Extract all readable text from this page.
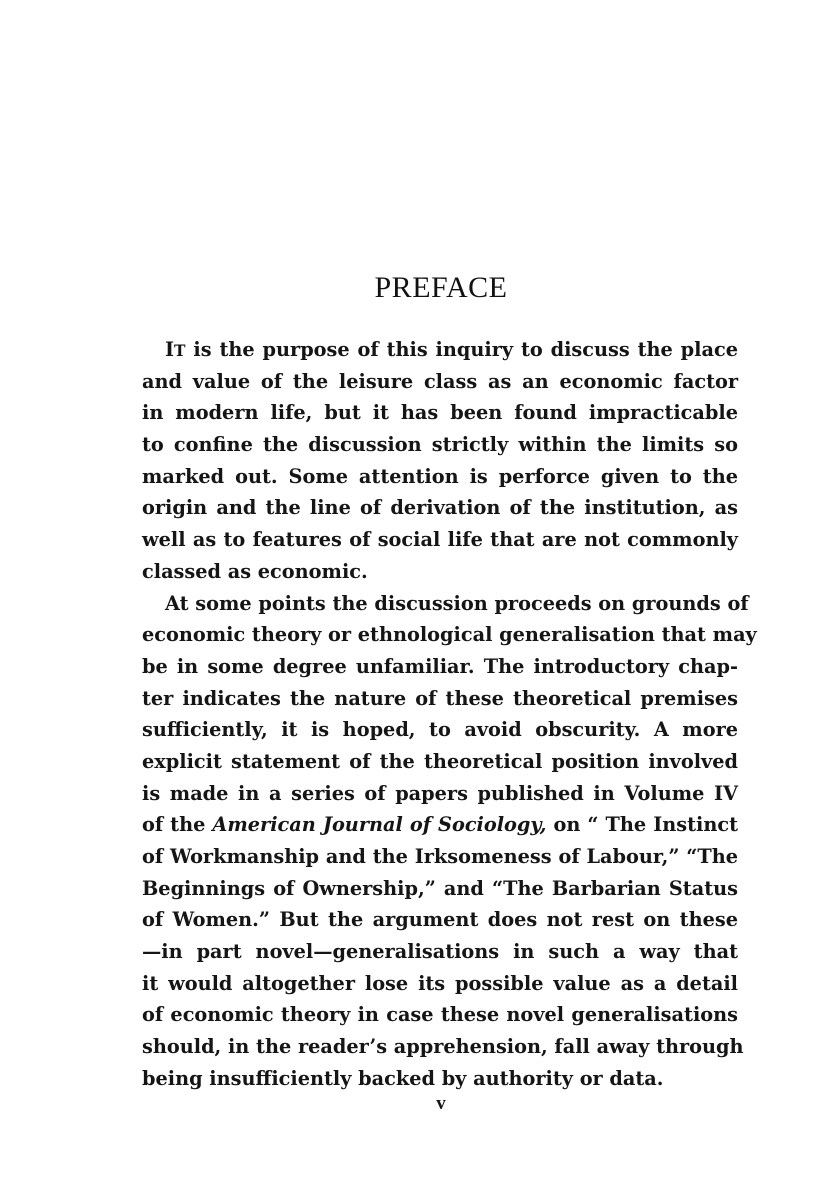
PREFACE
IT is the purpose of this inquiry to discuss the place
and value of the leisure class as an economic factor
in modern life, but it has been found impracticable
to confine the discussion strictly within the limits so
marked out. Some attention is perforce given to the
origin and the line of derivation of the institution, as
well as to features of social life that are not commonly
classed as economic.
At some points the discussion proceeds on grounds of
economic theory or ethnological generalisation that may
be in some degree unfamiliar. The introductory chap-
ter indicates the nature of these theoretical premises
sufficiently, it is hoped, to avoid obscurity. A more
explicit statement of the theoretical position involved
is made in a series of papers published in Volume IV
of the American Journal of Sociology, on “ The Instinct
of Workmanship and the Irksomeness of Labour,” “The
Beginnings of Ownership,” and “The Barbarian Status
of Women.” But the argument does not rest on these
—in part novel—generalisations in such a way that
it would altogether lose its possible value as a detail
of economic theory in case these novel generalisations
should, in the reader’s apprehension, fall away through
being insufficiently backed by authority or data.
v
